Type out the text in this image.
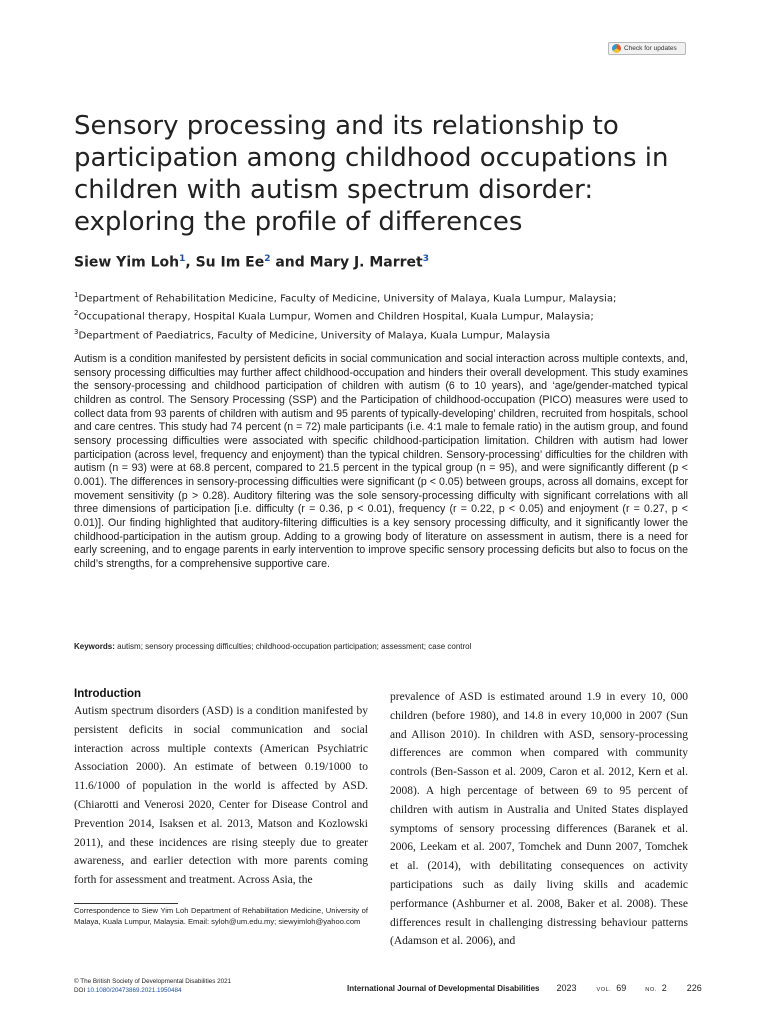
Check for updates
Sensory processing and its relationship to participation among childhood occupations in children with autism spectrum disorder: exploring the profile of differences

Siew Yim Loh$^1$, Su Im Ee$^2$ and Mary J. Marret$^3$

$^1$Department of Rehabilitation Medicine, Faculty of Medicine, University of Malaya, Kuala Lumpur, Malaysia;
$^2$Occupational therapy, Hospital Kuala Lumpur, Women and Children Hospital, Kuala Lumpur, Malaysia;
$^3$Department of Paediatrics, Faculty of Medicine, University of Malaya, Kuala Lumpur, Malaysia

Autism is a condition manifested by persistent deficits in social communication and social interaction across multiple contexts, and, sensory processing difficulties may further affect childhood-occupation and hinders their overall development. This study examines the sensory-processing and childhood participation of children with autism (6 to 10 years), and ‘age/gender-matched typical children as control. The Sensory Processing (SSP) and the Participation of childhood-occupation (PICO) measures were used to collect data from 93 parents of children with autism and 95 parents of typically-developing’ children, recruited from hospitals, school and care centres. This study had 74 percent (n = 72) male participants (i.e. 4:1 male to female ratio) in the autism group, and found sensory processing difficulties were associated with specific childhood-participation limitation. Children with autism had lower participation (across level, frequency and enjoyment) than the typical children. Sensory-processing’ difficulties for the children with autism (n = 93) were at 68.8 percent, compared to 21.5 percent in the typical group (n = 95), and were significantly different (p < 0.001). The differences in sensory-processing difficulties were significant (p < 0.05) between groups, across all domains, except for movement sensitivity (p > 0.28). Auditory filtering was the sole sensory-processing difficulty with significant correlations with all three dimensions of participation [i.e. difficulty (r = 0.36, p < 0.01), frequency (r = 0.22, p < 0.05) and enjoyment (r = 0.27, p < 0.01)]. Our finding highlighted that auditory-filtering difficulties is a key sensory processing difficulty, and it significantly lower the childhood-participation in the autism group. Adding to a growing body of literature on assessment in autism, there is a need for early screening, and to engage parents in early intervention to improve specific sensory processing deficits but also to focus on the child’s strengths, for a comprehensive supportive care.

Keywords: autism; sensory processing difficulties; childhood-occupation participation; assessment; case control

Introduction

Autism spectrum disorders (ASD) is a condition manifested by persistent deficits in social communication and social interaction across multiple contexts (American Psychiatric Association 2000). An estimate of between 0.19/1000 to 11.6/1000 of population in the world is affected by ASD. (Chiarotti and Venerosi 2020, Center for Disease Control and Prevention 2014, Isaksen et al. 2013, Matson and Kozlowski 2011), and these incidences are rising steeply due to greater awareness, and earlier detection with more parents coming forth for assessment and treatment. Across Asia, the

prevalence of ASD is estimated around 1.9 in every 10, 000 children (before 1980), and 14.8 in every 10,000 in 2007 (Sun and Allison 2010). In children with ASD, sensory-processing differences are common when compared with community controls (Ben-Sasson et al. 2009, Caron et al. 2012, Kern et al. 2008). A high percentage of between 69 to 95 percent of children with autism in Australia and United States displayed symptoms of sensory processing differences (Baranek et al. 2006, Leekam et al. 2007, Tomchek and Dunn 2007, Tomchek et al. (2014), with debilitating consequences on activity participations such as daily living skills and academic performance (Ashburner et al. 2008, Baker et al. 2008). These differences result in challenging distressing behaviour patterns (Adamson et al. 2006), and

Correspondence to Siew Yim Loh Department of Rehabilitation Medicine, University of Malaya, Kuala Lumpur, Malaysia. Email: syloh@um.edu.my; siewyimloh@yahoo.com

© The British Society of Developmental Disabilities 2021
DOI 10.1080/20473869.2021.1950484	International Journal of Developmental Disabilities 2023	VOL. 69	NO. 2 226
